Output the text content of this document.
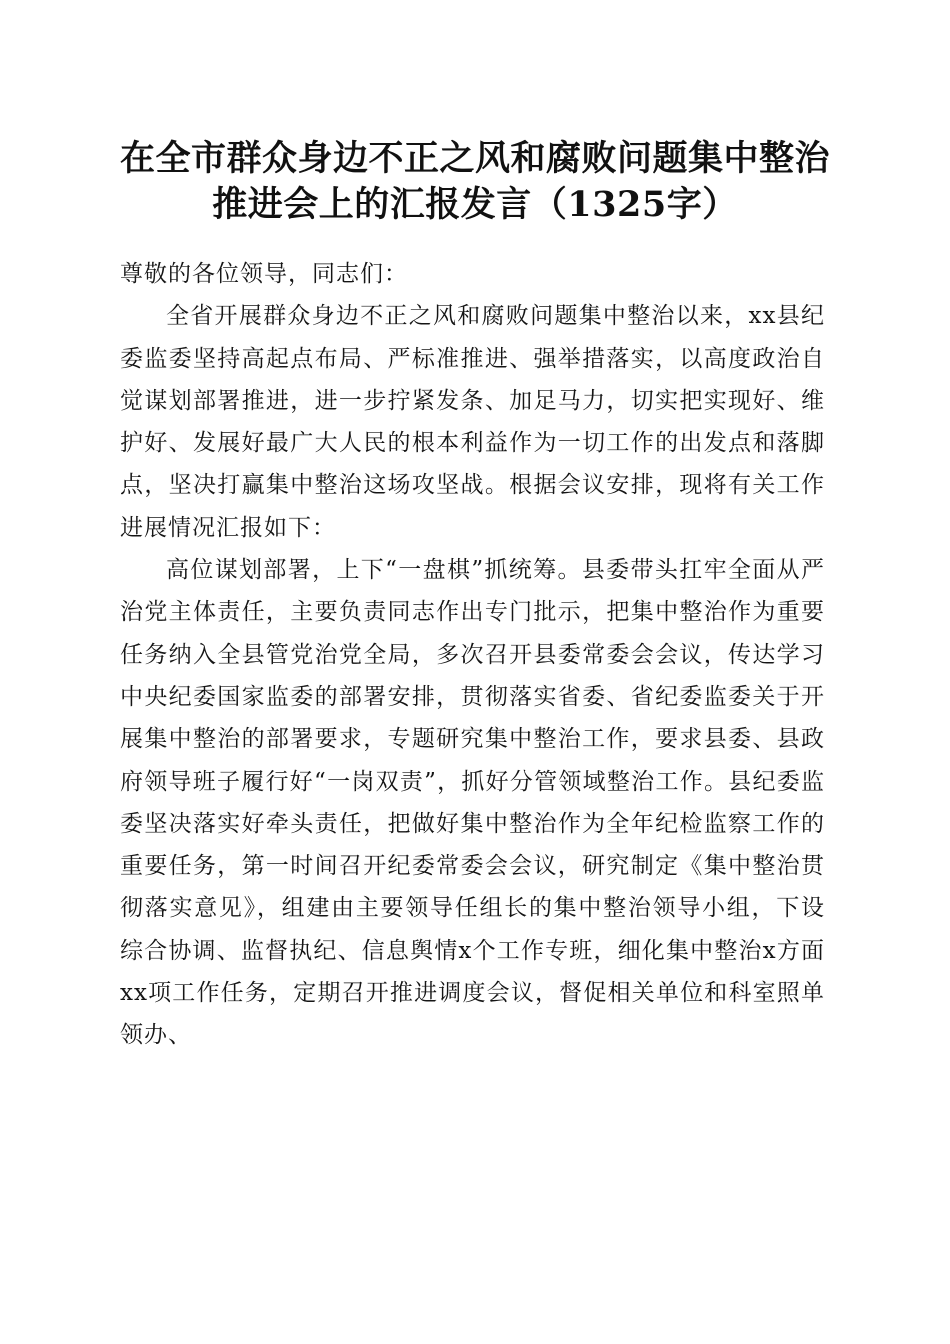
在全市群众身边不正之风和腐败问题集中整治
推进会上的汇报发言（1325字）
尊敬的各位领导，同志们：
全省开展群众身边不正之风和腐败问题集中整治以来，xx县纪委监委坚持高起点布局、严标准推进、强举措落实，以高度政治自觉谋划部署推进，进一步拧紧发条、加足马力，切实把实现好、维护好、发展好最广大人民的根本利益作为一切工作的出发点和落脚点，坚决打赢集中整治这场攻坚战。根据会议安排，现将有关工作进展情况汇报如下：
高位谋划部署，上下“一盘棋”抓统筹。县委带头扛牢全面从严治党主体责任，主要负责同志作出专门批示，把集中整治作为重要任务纳入全县管党治党全局，多次召开县委常委会会议，传达学习中央纪委国家监委的部署安排，贯彻落实省委、省纪委监委关于开展集中整治的部署要求，专题研究集中整治工作，要求县委、县政府领导班子履行好“一岗双责”，抓好分管领域整治工作。县纪委监委坚决落实好牵头责任，把做好集中整治作为全年纪检监察工作的重要任务，第一时间召开纪委常委会会议，研究制定《集中整治贯彻落实意见》，组建由主要领导任组长的集中整治领导小组，下设综合协调、监督执纪、信息舆情x个工作专班，细化集中整治x方面xx项工作任务，定期召开推进调度会议，督促相关单位和科室照单领办、
